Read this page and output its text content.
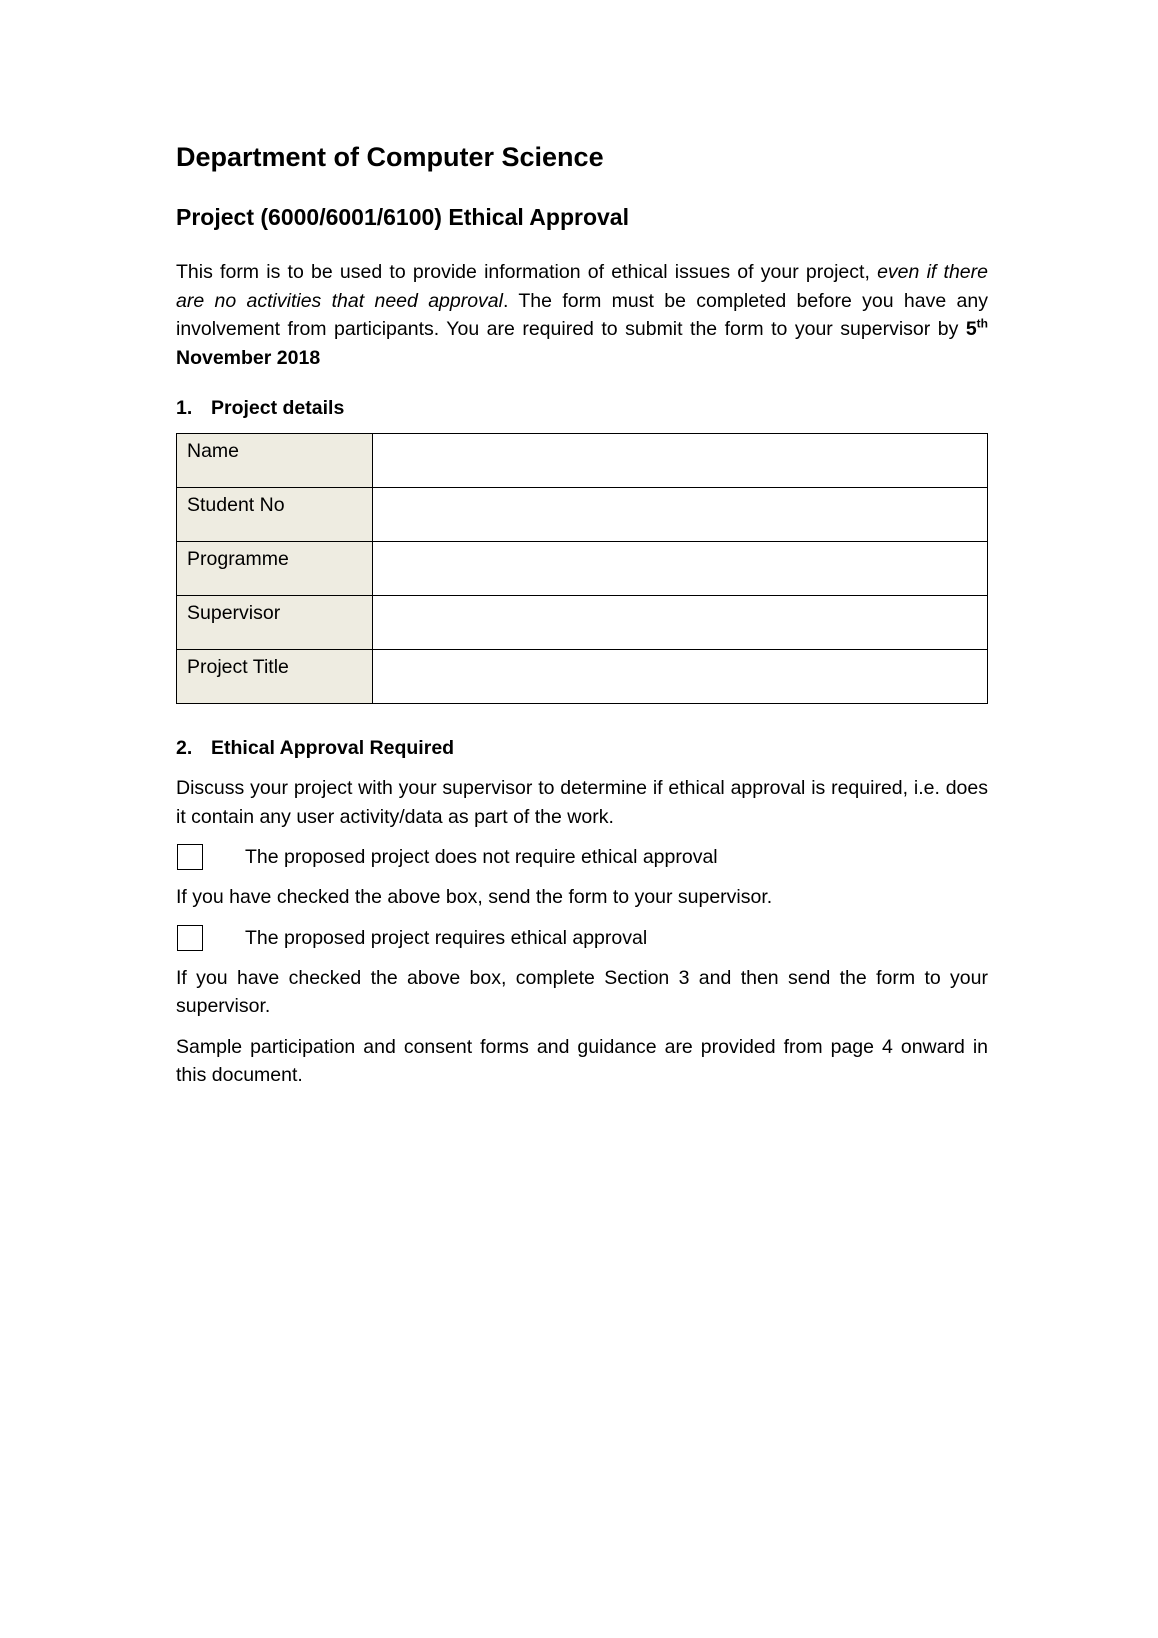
Department of Computer Science
Project (6000/6001/6100) Ethical Approval

This form is to be used to provide information of ethical issues of your project, even if there are no activities that need approval. The form must be completed before you have any involvement from participants. You are required to submit the form to your supervisor by 5th November 2018

1. Project details
Name	
Student No	
Programme	
Supervisor	
Project Title	
2. Ethical Approval Required

Discuss your project with your supervisor to determine if ethical approval is required, i.e. does it contain any user activity/data as part of the work.

The proposed project does not require ethical approval

If you have checked the above box, send the form to your supervisor.

The proposed project requires ethical approval

If you have checked the above box, complete Section 3 and then send the form to your supervisor.

Sample participation and consent forms and guidance are provided from page 4 onward in this document.
